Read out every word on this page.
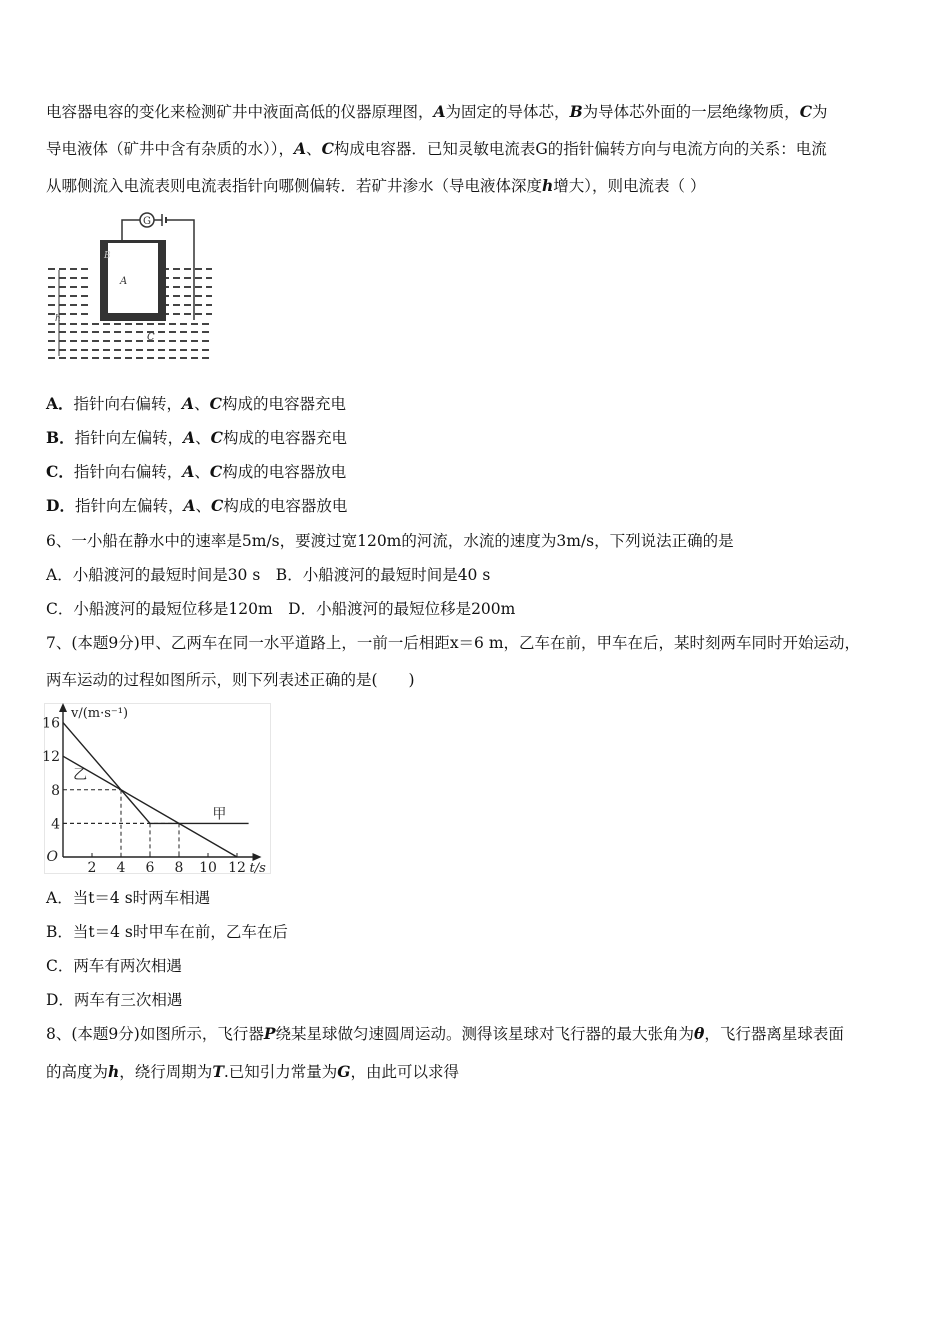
电容器电容的变化来检测矿井中液面高低的仪器原理图，A为固定的导体芯，B为导体芯外面的一层绝缘物质，C为
导电液体（矿井中含有杂质的水）），A、C构成电容器．已知灵敏电流表G的指针偏转方向与电流方向的关系：电流
从哪侧流入电流表则电流表指针向哪侧偏转．若矿井渗水（导电液体深度h增大），则电流表（ ）
G
B
A
C
h
A．指针向右偏转，A、C构成的电容器充电
B．指针向左偏转，A、C构成的电容器充电
C．指针向右偏转，A、C构成的电容器放电
D．指针向左偏转，A、C构成的电容器放电
6、一小船在静水中的速率是5m/s，要渡过宽120m的河流，水流的速度为3m/s，下列说法正确的是
A．小船渡河的最短时间是30 s　B．小船渡河的最短时间是40 s
C．小船渡河的最短位移是120m　D．小船渡河的最短位移是200m
7、(本题9分)甲、乙两车在同一水平道路上，一前一后相距x＝6 m，乙车在前，甲车在后，某时刻两车同时开始运动，
两车运动的过程如图所示，则下列表述正确的是(　　)
2 4 6 8 10 12
4
8
12
16
O
t/s
v/(m·s⁻¹)
甲
乙
A．当t＝4 s时两车相遇
B．当t＝4 s时甲车在前，乙车在后
C．两车有两次相遇
D．两车有三次相遇
8、(本题9分)如图所示，飞行器P绕某星球做匀速圆周运动。测得该星球对飞行器的最大张角为θ，飞行器离星球表面
的高度为h，绕行周期为T.已知引力常量为G，由此可以求得
